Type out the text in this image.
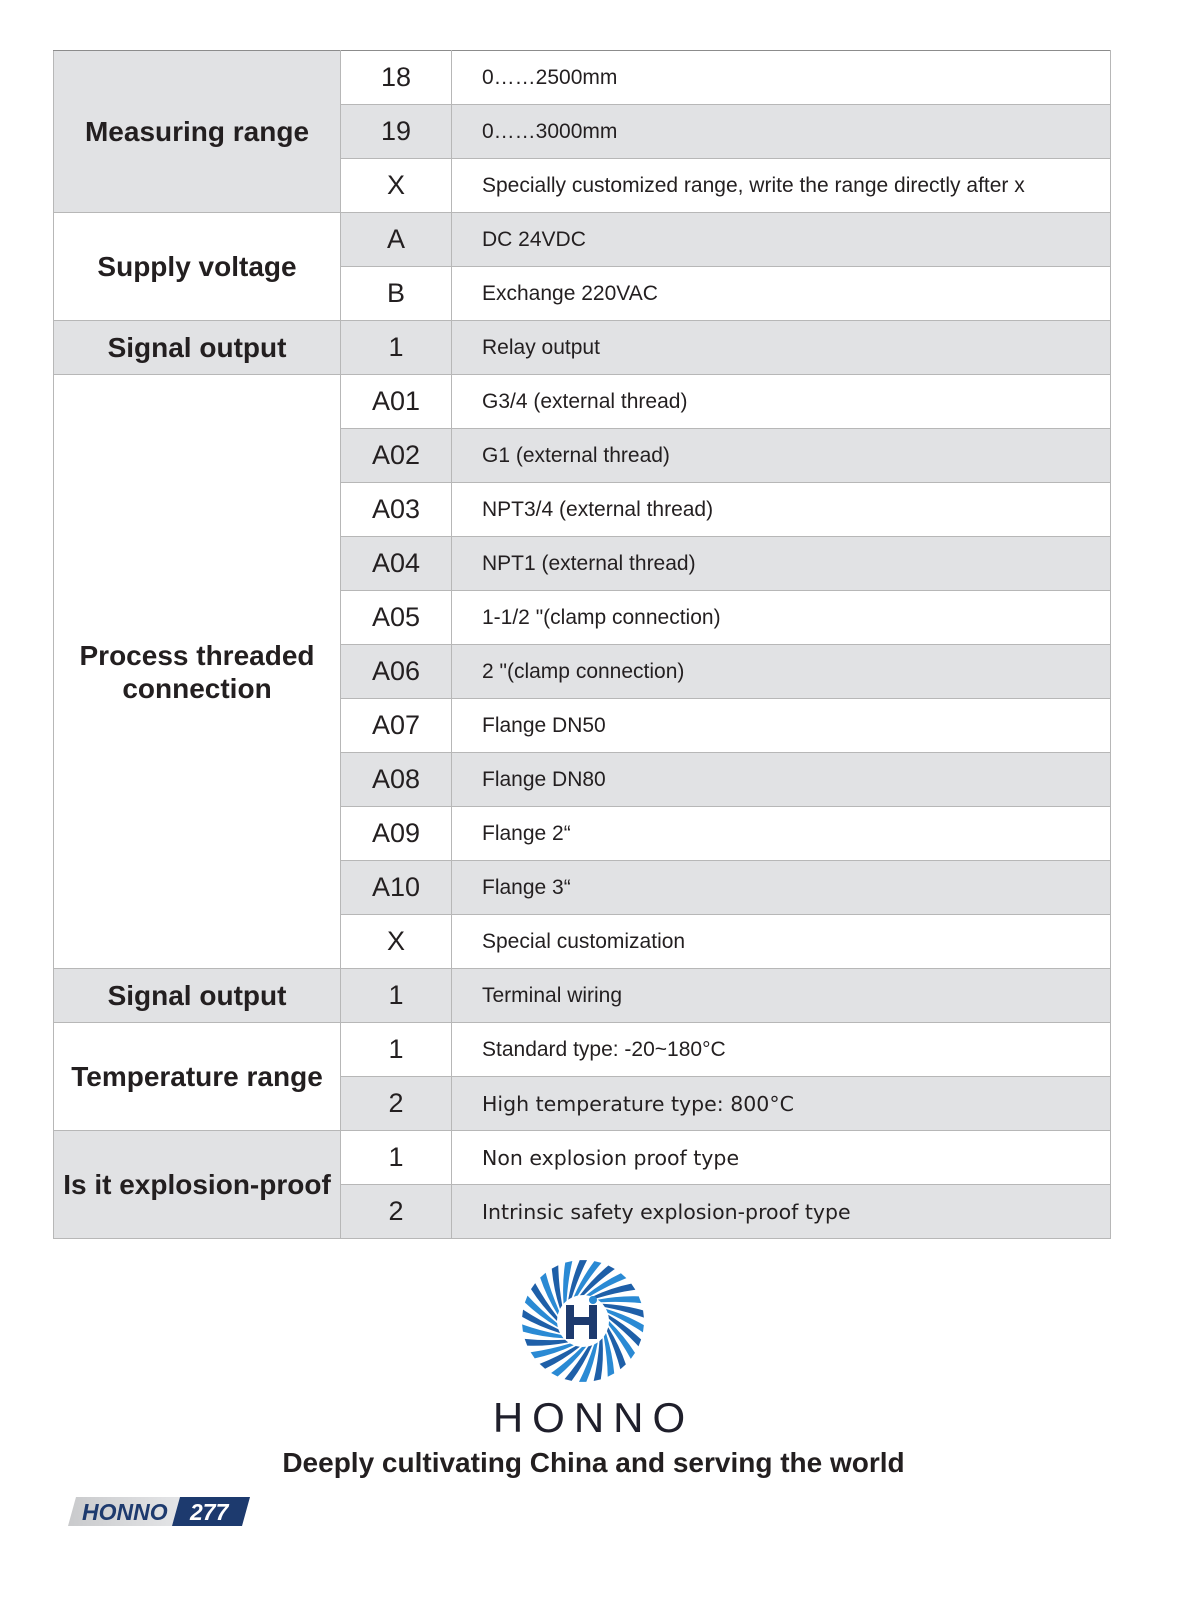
Measuring range	18	0……2500mm
	19	0……3000mm
	X	Specially customized range, write the range directly after x
Supply voltage	A	DC 24VDC
	B	Exchange 220VAC
Signal output	1	Relay output
Process threaded connection	A01	G3/4 (external thread)
	A02	G1 (external thread)
	A03	NPT3/4 (external thread)
	A04	NPT1 (external thread)
	A05	1-1/2 "(clamp connection)
	A06	2 "(clamp connection)
	A07	Flange DN50
	A08	Flange DN80
	A09	Flange 2“
	A10	Flange 3“
	X	Special customization
Signal output	1	Terminal wiring
Temperature range	1	Standard type: -20~180°C
	2	High temperature type: 800°C
Is it explosion-proof	1	Non explosion proof type
	2	Intrinsic safety explosion-proof type
HONNO
Deeply cultivating China and serving the world
HONNO 277
